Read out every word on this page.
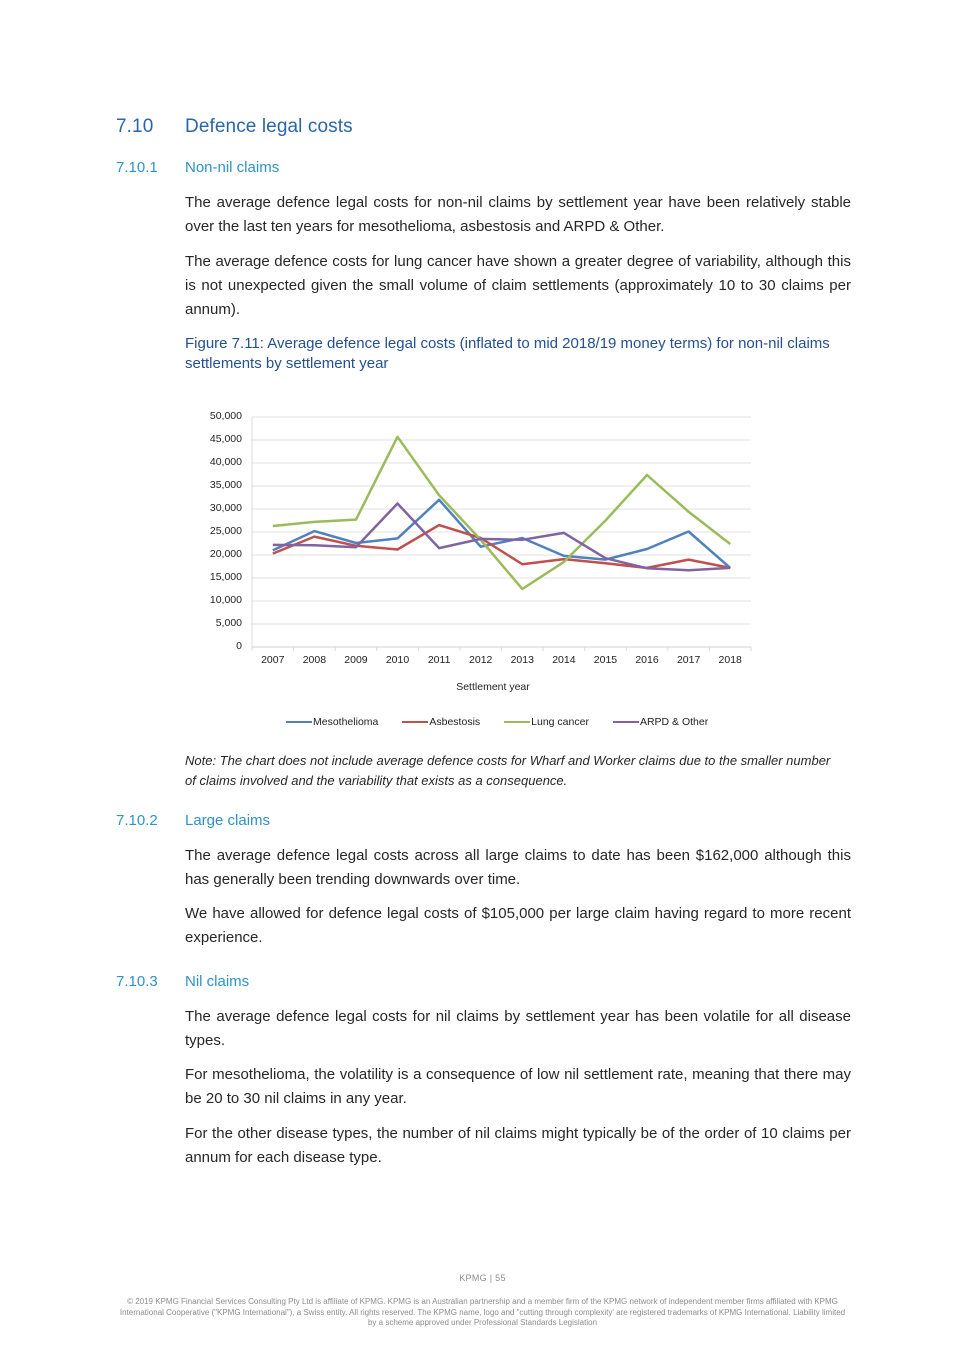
7.10 Defence legal costs
7.10.1 Non-nil claims

The average defence legal costs for non-nil claims by settlement year have been relatively stable over the last ten years for mesothelioma, asbestosis and ARPD & Other.

The average defence costs for lung cancer have shown a greater degree of variability, although this is not unexpected given the small volume of claim settlements (approximately 10 to 30 claims per annum).

Figure 7.11: Average defence legal costs (inflated to mid 2018/19 money terms) for non-nil claims settlements by settlement year

0
5,000
10,000
15,000
20,000
25,000
30,000
35,000
40,000
45,000
50,000
2007	2008	2009	2010	2011	2012	2013	2014	2015	2016	2017	2018
Settlement year
Mesothelioma	Asbestosis	Lung cancer	ARPD & Other

Note: The chart does not include average defence costs for Wharf and Worker claims due to the smaller number of claims involved and the variability that exists as a consequence.

7.10.2 Large claims

The average defence legal costs across all large claims to date has been $162,000 although this has generally been trending downwards over time.

We have allowed for defence legal costs of $105,000 per large claim having regard to more recent experience.

7.10.3 Nil claims

The average defence legal costs for nil claims by settlement year has been volatile for all disease types.

For mesothelioma, the volatility is a consequence of low nil settlement rate, meaning that there may be 20 to 30 nil claims in any year.

For the other disease types, the number of nil claims might typically be of the order of 10 claims per annum for each disease type.

KPMG | 55
© 2019 KPMG Financial Services Consulting Pty Ltd is affiliate of KPMG. KPMG is an Australian partnership and a member firm of the KPMG network of independent member firms affiliated with KPMG International Cooperative ("KPMG International"), a Swiss entity. All rights reserved. The KPMG name, logo and "cutting through complexity' are registered trademarks of KPMG International. Liability limited by a scheme approved under Professional Standards Legislation
